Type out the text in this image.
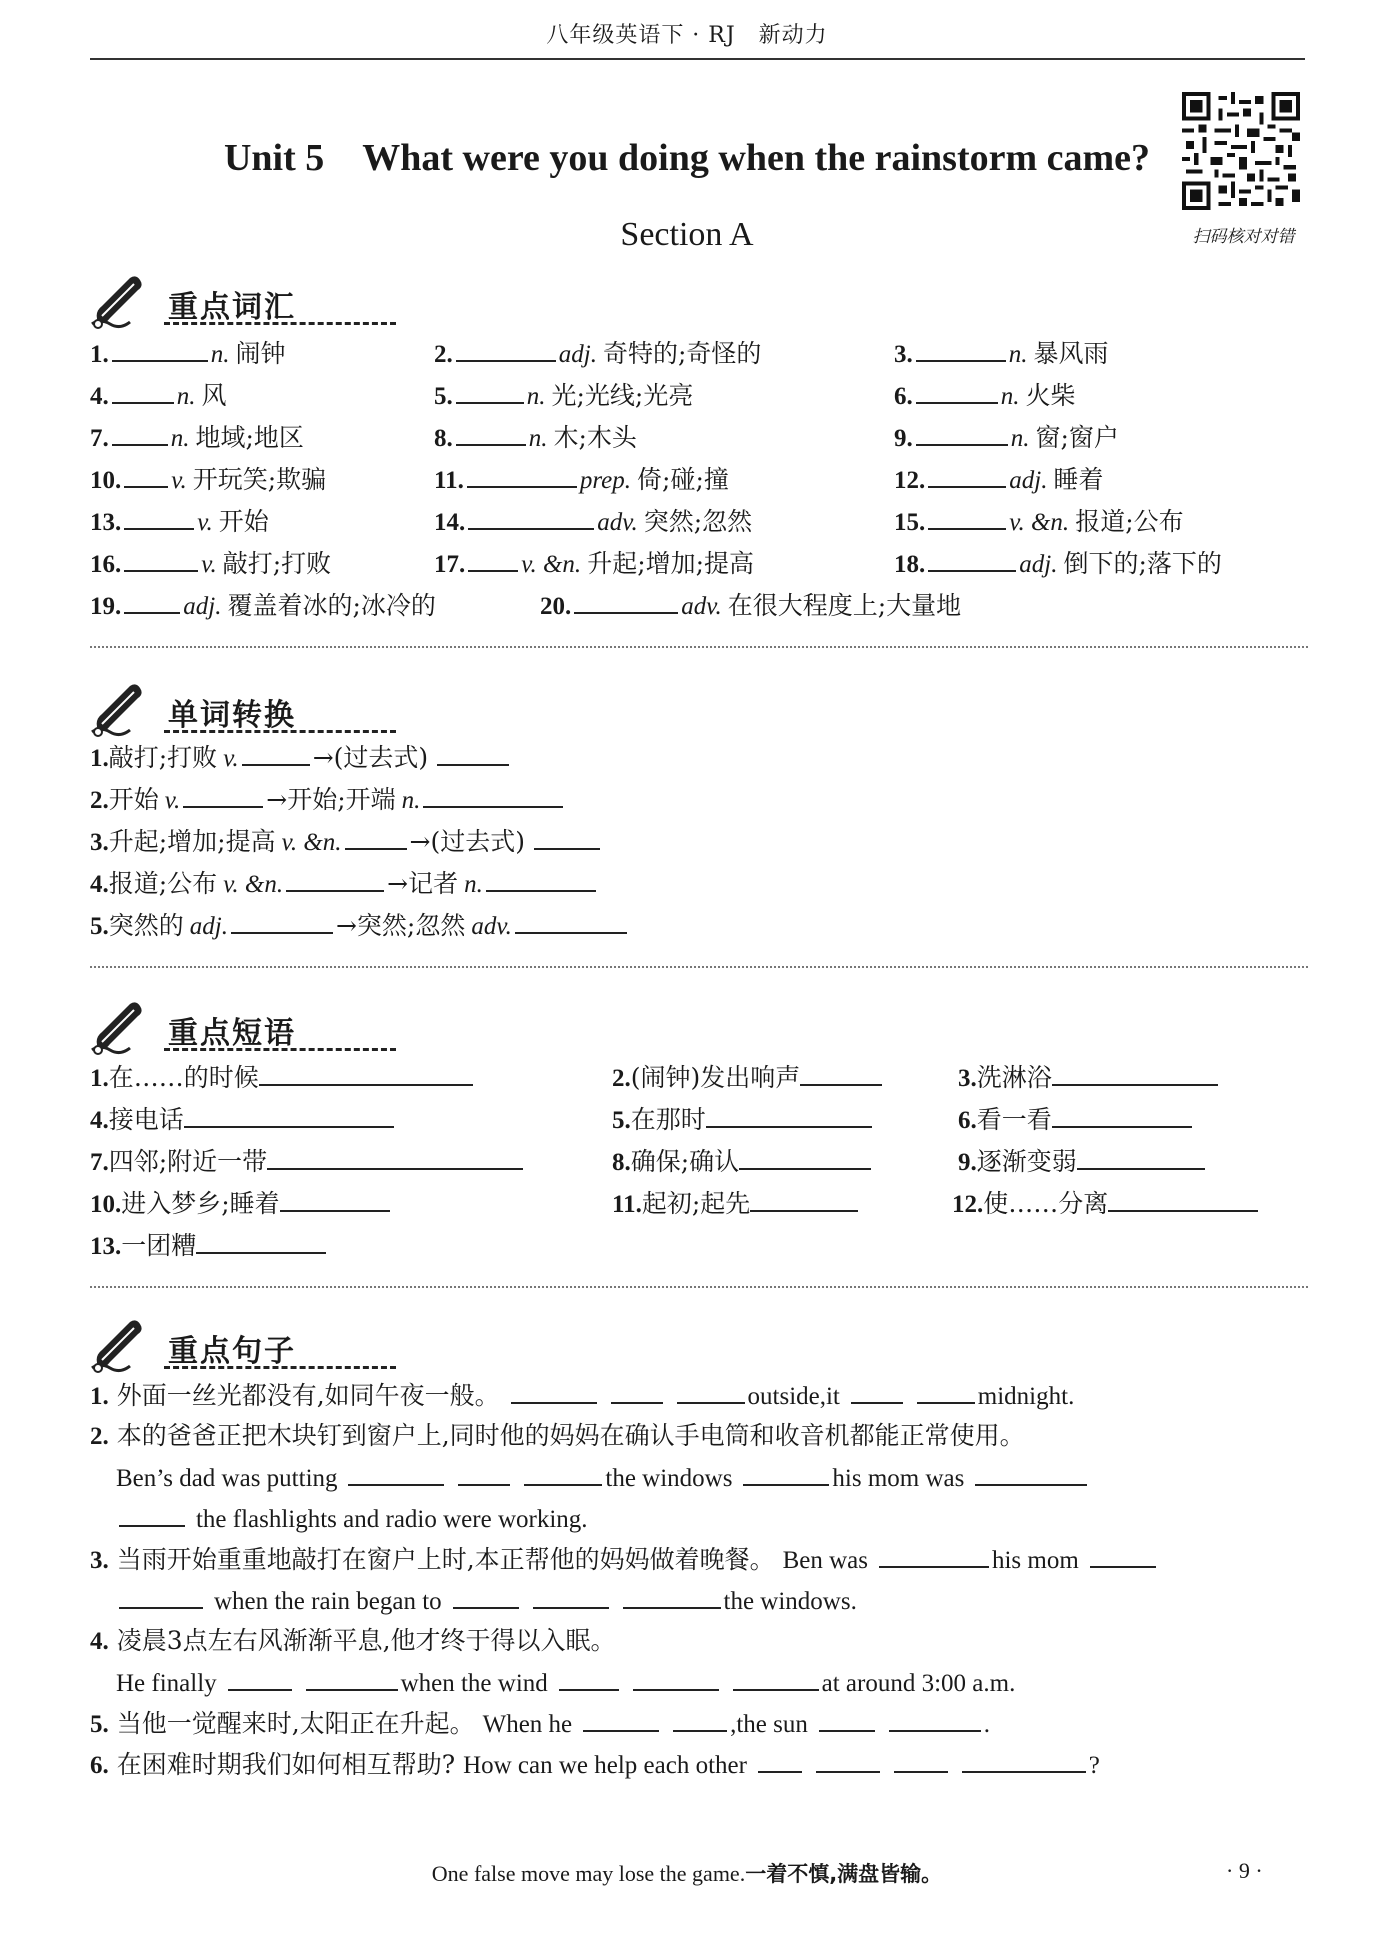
八年级英语下 · RJ　新动力
Unit 5　What were you doing when the rainstorm came?
Section A	扫码核对对错
重点词汇
1.	n. 闹钟	2.	adj. 奇特的;奇怪的	3.	n. 暴风雨
4.	n. 风	5.	n. 光;光线;光亮	6.	n. 火柴
7. n. 地域;地区	8.	n. 木;木头	9.	n. 窗;窗户
10. v. 开玩笑;欺骗	11.	prep. 倚;碰;撞	12.	adj. 睡着
13.	v. 开始	14.	adv. 突然;忽然	15.	v. &n. 报道;公布
16.	v. 敲打;打败	17. v. &n. 升起;增加;提高	18.	adj. 倒下的;落下的
19. adj. 覆盖着冰的;冰冷的	20.	adv. 在很大程度上;大量地
单词转换
1.敲打;打败 v.	→(过去式)
2.开始 v.	→开始;开端 n.
3.升起;增加;提高 v. &n.	→(过去式)
4.报道;公布 v. &n.	→记者 n.
5.突然的 adj.	→突然;忽然 adv.
重点短语
1.在……的时候	2.(闹钟)发出响声	3.洗淋浴
4.接电话	5.在那时	6.看一看
7.四邻;附近一带	8.确保;确认	9.逐渐变弱
10.进入梦乡;睡着	11.起初;起先	12.使……分离
13.一团糟
重点句子
1. 外面一丝光都没有,如同午夜一般。	outside,it	midnight.
2. 本的爸爸正把木块钉到窗户上,同时他的妈妈在确认手电筒和收音机都能正常使用。
Ben’s dad was putting	the windows	his mom was
the flashlights and radio were working.
3. 当雨开始重重地敲打在窗户上时,本正帮他的妈妈做着晚餐。 Ben was	his mom
when the rain began to	the windows.
4. 凌晨3点左右风渐渐平息,他才终于得以入眠。
He finally	when the wind	at around 3:00 a.m.
5. 当他一觉醒来时,太阳正在升起。 When he	,the sun	.
6. 在困难时期我们如何相互帮助? How can we help each other	?
One false move may lose the game.一着不慎,满盘皆输。	· 9 ·
